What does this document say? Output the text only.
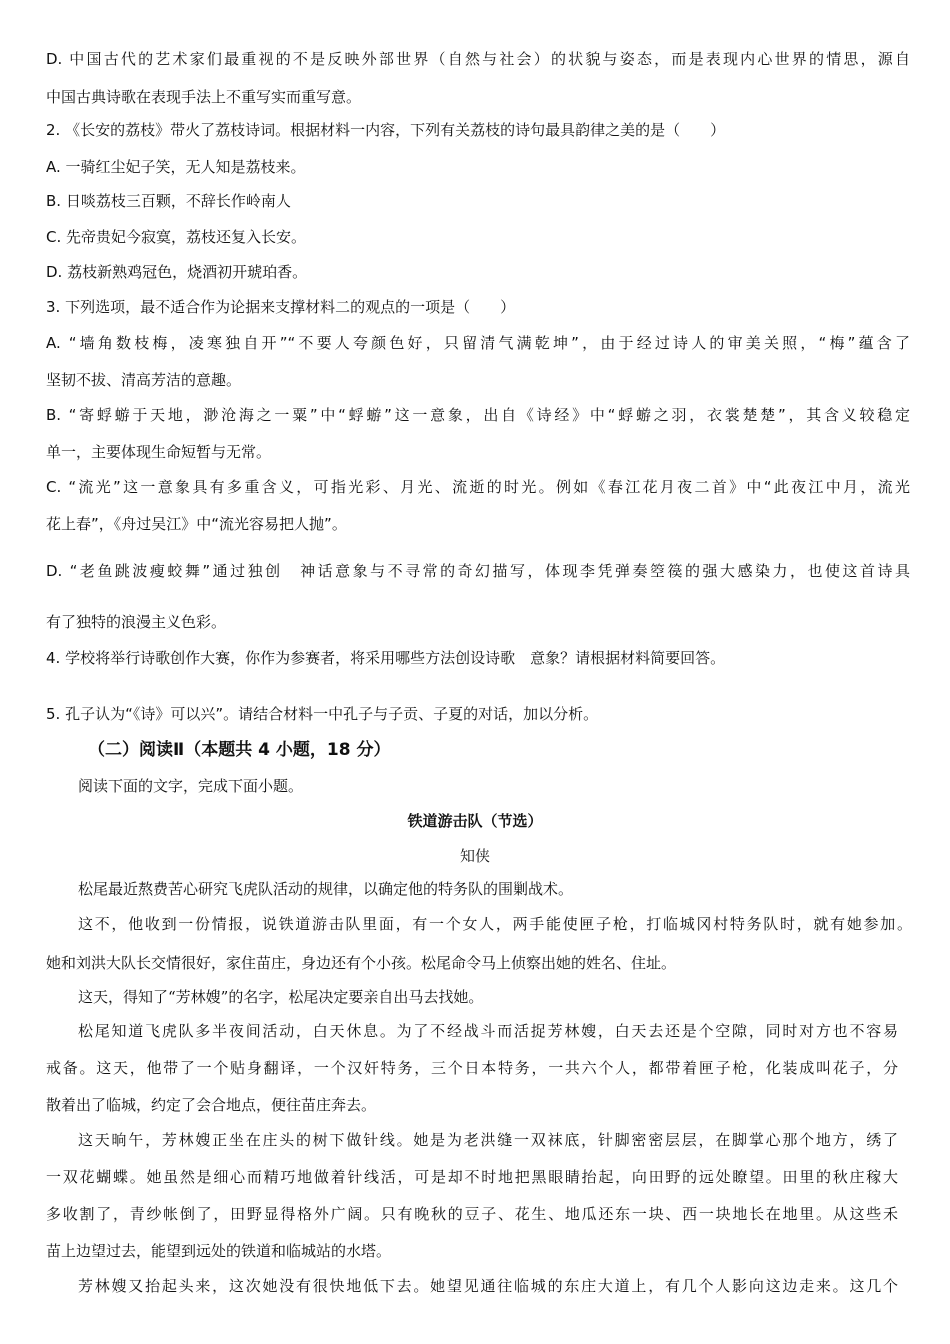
D. 中国古代的艺术家们最重视的不是反映外部世界（自然与社会）的状貌与姿态，而是表现内心世界的情思，源自
中国古典诗歌在表现手法上不重写实而重写意。
2. 《长安的荔枝》带火了荔枝诗词。根据材料一内容，下列有关荔枝的诗句最具韵律之美的是（　　）
A. 一骑红尘妃子笑，无人知是荔枝来。
B. 日啖荔枝三百颗，不辞长作岭南人
C. 先帝贵妃今寂寞，荔枝还复入长安。
D. 荔枝新熟鸡冠色，烧酒初开琥珀香。
3. 下列选项，最不适合作为论据来支撑材料二的观点的一项是（　　）
A. “墙角数枝梅，凌寒独自开”“不要人夸颜色好，只留清气满乾坤”，由于经过诗人的审美关照，“梅”蕴含了
坚韧不拔、清高芳洁的意趣。
B. “寄蜉蝣于天地，渺沧海之一粟”中“蜉蝣”这一意象，出自《诗经》中“蜉蝣之羽，衣裳楚楚”，其含义较稳定
单一，主要体现生命短暂与无常。
C. “流光”这一意象具有多重含义，可指光彩、月光、流逝的时光。例如《春江花月夜二首》中“此夜江中月，流光
花上春”，《舟过吴江》中“流光容易把人抛”。
D. “老鱼跳波瘦蛟舞”通过独创　神话意象与不寻常的奇幻描写，体现李凭弹奏箜篌的强大感染力，也使这首诗具
有了独特的浪漫主义色彩。
4. 学校将举行诗歌创作大赛，你作为参赛者，将采用哪些方法创设诗歌　意象？请根据材料简要回答。
5. 孔子认为“《诗》可以兴”。请结合材料一中孔子与子贡、子夏的对话，加以分析。
（二）阅读Ⅱ（本题共 4 小题，18 分）
阅读下面的文字，完成下面小题。
铁道游击队（节选）
知侠
松尾最近熬费苦心研究飞虎队活动的规律，以确定他的特务队的围剿战术。
这不，他收到一份情报，说铁道游击队里面，有一个女人，两手能使匣子枪，打临城冈村特务队时，就有她参加。
她和刘洪大队长交情很好，家住苗庄，身边还有个小孩。松尾命令马上侦察出她的姓名、住址。
这天，得知了“芳林嫂”的名字，松尾决定要亲自出马去找她。
松尾知道飞虎队多半夜间活动，白天休息。为了不经战斗而活捉芳林嫂，白天去还是个空隙，同时对方也不容易
戒备。这天，他带了一个贴身翻译，一个汉奸特务，三个日本特务，一共六个人，都带着匣子枪，化装成叫花子，分
散着出了临城，约定了会合地点，便往苗庄奔去。
这天晌午，芳林嫂正坐在庄头的树下做针线。她是为老洪缝一双袜底，针脚密密层层，在脚掌心那个地方，绣了
一双花蝴蝶。她虽然是细心而精巧地做着针线活，可是却不时地把黑眼睛抬起，向田野的远处瞭望。田里的秋庄稼大
多收割了，青纱帐倒了，田野显得格外广阔。只有晚秋的豆子、花生、地瓜还东一块、西一块地长在地里。从这些禾
苗上边望过去，能望到远处的铁道和临城站的水塔。
芳林嫂又抬起头来，这次她没有很快地低下去。她望见通往临城的东庄大道上，有几个人影向这边走来。这几个
